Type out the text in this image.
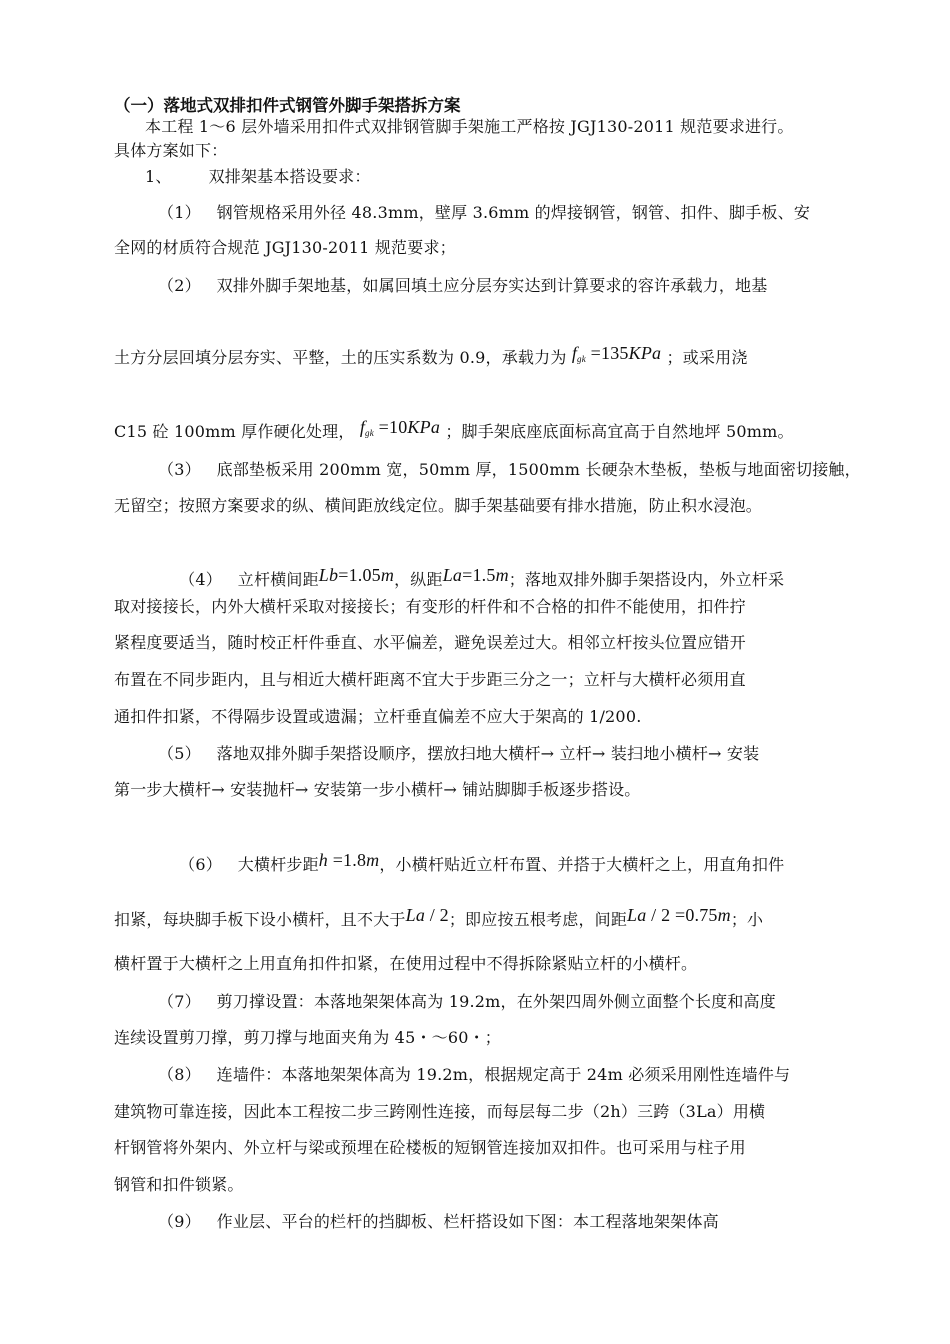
（一）落地式双排扣件式钢管外脚手架搭拆方案
本工程 1～6 层外墙采用扣件式双排钢管脚手架施工严格按 JGJ130-2011 规范要求进行。
具体方案如下：
1、       双排架基本搭设要求：
（1）   钢管规格采用外径 48.3mm，壁厚 3.6mm 的焊接钢管，钢管、扣件、脚手板、安
全网的材质符合规范 JGJ130-2011 规范要求；
（2）   双排外脚手架地基，如属回填土应分层夯实达到计算要求的容许承载力，地基
土方分层回填分层夯实、平整，土的压实系数为 0.9，承载力为 $f_{gk} =135KPa$ ；或采用浇
C15 砼 100mm 厚作硬化处理， $f_{gk} =10KPa$ ；脚手架底座底面标高宜高于自然地坪 50mm。
（3）   底部垫板采用 200mm 宽，50mm 厚，1500mm 长硬杂木垫板，垫板与地面密切接触，
无留空；按照方案要求的纵、横间距放线定位。脚手架基础要有排水措施，防止积水浸泡。

（4）   立杆横间距Lb=1.05m，纵距La=1.5m；落地双排外脚手架搭设内，外立杆采

取对接接长，内外大横杆采取对接接长；有变形的杆件和不合格的扣件不能使用，扣件拧
紧程度要适当，随时校正杆件垂直、水平偏差，避免误差过大。相邻立杆按头位置应错开
布置在不同步距内，且与相近大横杆距离不宜大于步距三分之一；立杆与大横杆必须用直
通扣件扣紧，不得隔步设置或遗漏；立杆垂直偏差不应大于架高的 1/200.
（5）   落地双排外脚手架搭设顺序，摆放扫地大横杆→ 立杆→ 装扫地小横杆→ 安装
第一步大横杆→ 安装抛杆→ 安装第一步小横杆→ 铺站脚脚手板逐步搭设。

（6）   大横杆步距h =1.8m，小横杆贴近立杆布置、并搭于大横杆之上，用直角扣件

扣紧，每块脚手板下设小横杆，且不大于La / 2；即应按五根考虑，间距La / 2 =0.75m；小
横杆置于大横杆之上用直角扣件扣紧，在使用过程中不得拆除紧贴立杆的小横杆。
（7）   剪刀撑设置：本落地架架体高为 19.2m，在外架四周外侧立面整个长度和高度
连续设置剪刀撑，剪刀撑与地面夹角为 45・～60・；
（8）   连墙件：本落地架架体高为 19.2m，根据规定高于 24m 必须采用刚性连墙件与
建筑物可靠连接，因此本工程按二步三跨刚性连接，而每层每二步（2h）三跨（3La）用横
杆钢管将外架内、外立杆与梁或预埋在砼楼板的短钢管连接加双扣件。也可采用与柱子用
钢管和扣件锁紧。
（9）   作业层、平台的栏杆的挡脚板、栏杆搭设如下图：本工程落地架架体高
